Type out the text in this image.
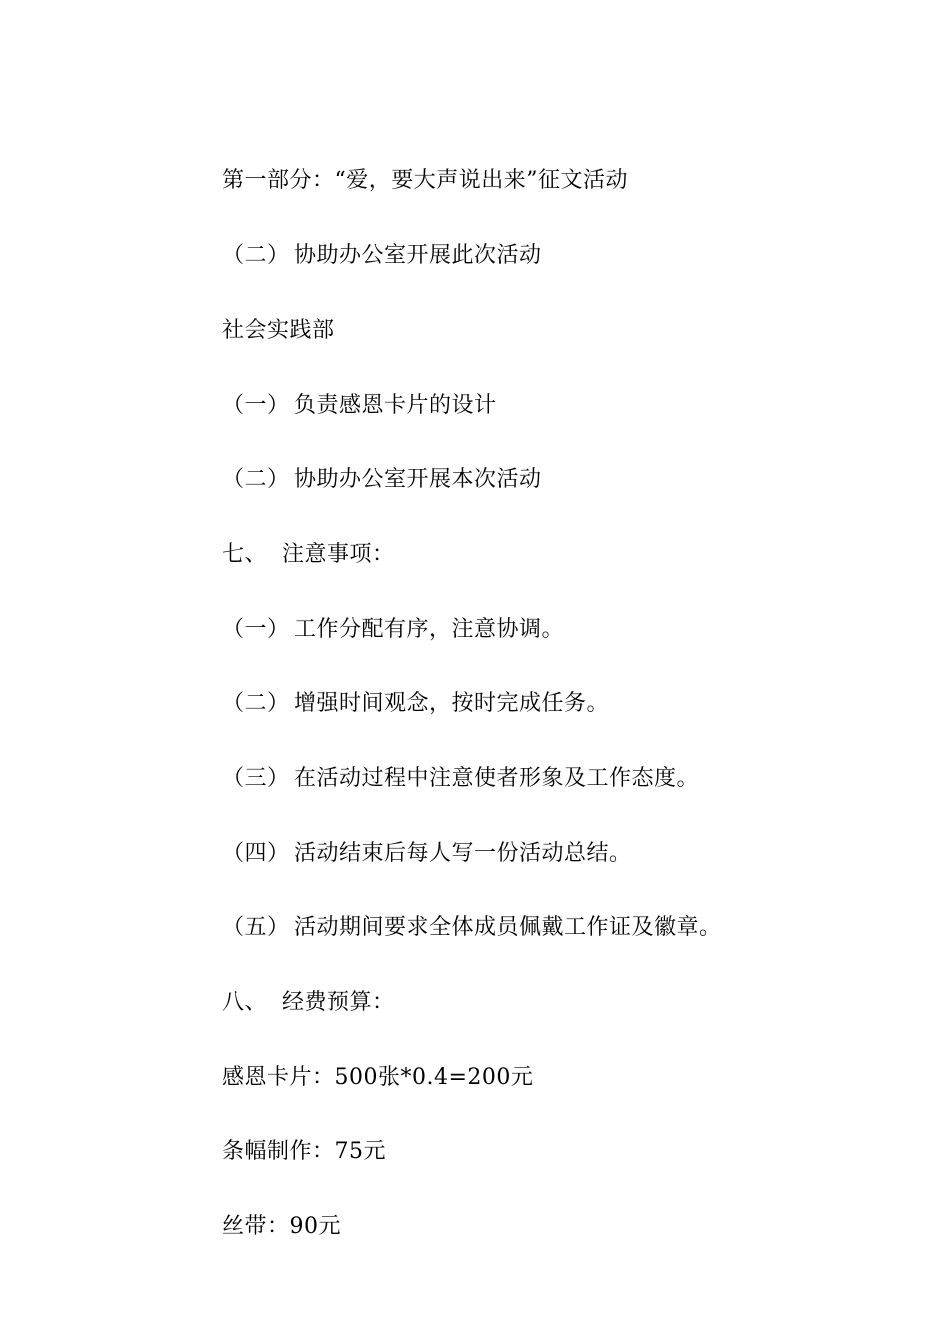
第一部分：“爱，要大声说出来”征文活动

（二） 协助办公室开展此次活动

社会实践部

（一） 负责感恩卡片的设计

（二） 协助办公室开展本次活动

七、 注意事项：

（一） 工作分配有序，注意协调。

（二） 增强时间观念，按时完成任务。

（三） 在活动过程中注意使者形象及工作态度。

（四） 活动结束后每人写一份活动总结。

（五） 活动期间要求全体成员佩戴工作证及徽章。

八、 经费预算：

感恩卡片：500张*0.4=200元

条幅制作：75元

丝带：90元
